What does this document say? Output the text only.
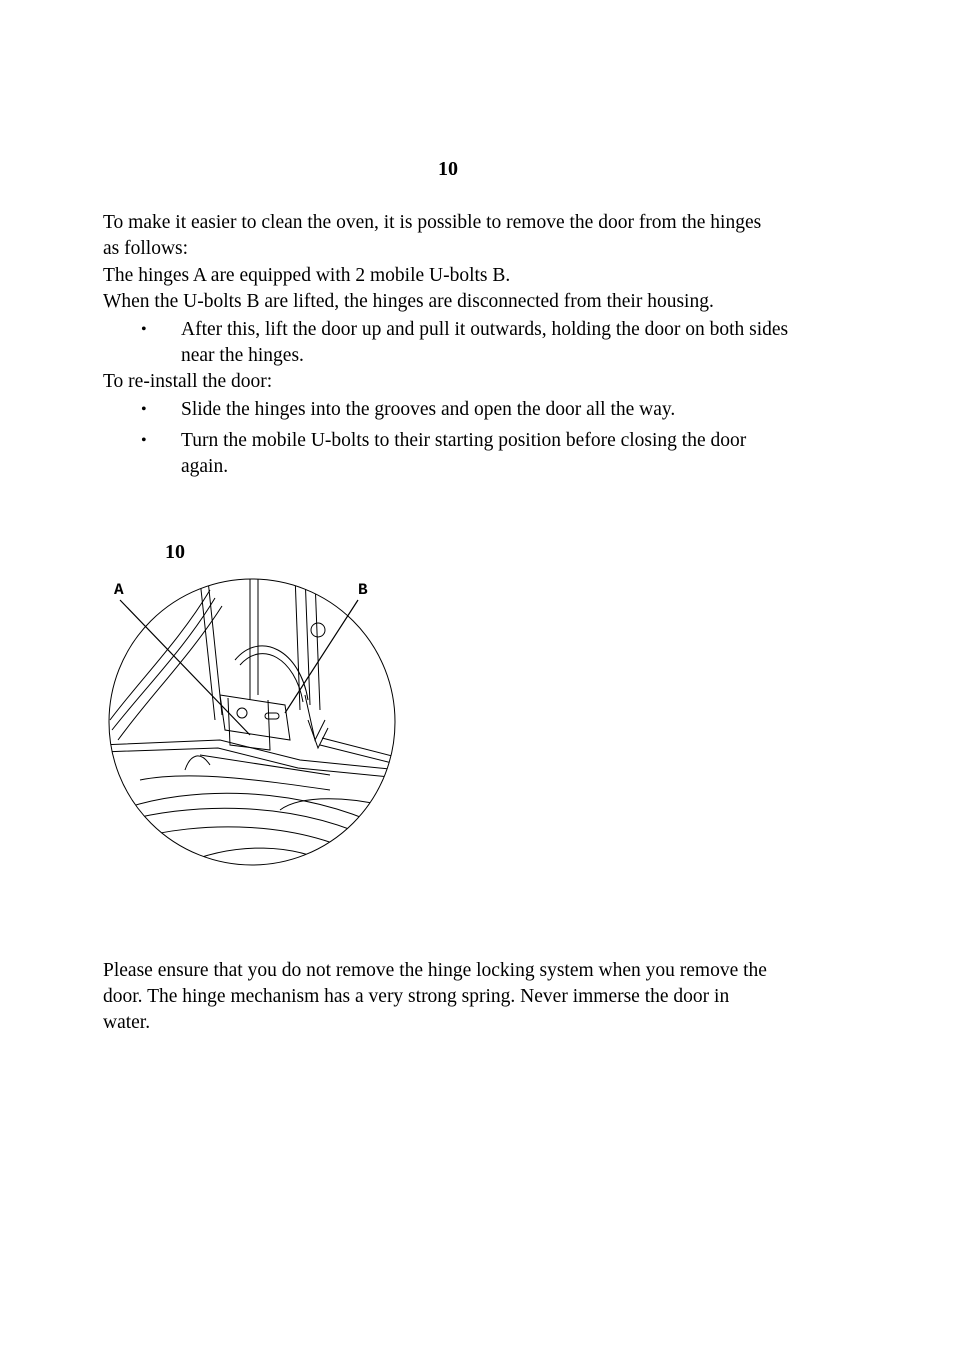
10

To make it easier to clean the oven, it is possible to remove the door from the hinges

as follows:

The hinges A are equipped with 2 mobile U-bolts B.

When the U-bolts B are lifted, the hinges are disconnected from their housing.

• After this, lift the door up and pull it outwards, holding the door on both sides
near the hinges.

To re-install the door:

• Slide the hinges into the grooves and open the door all the way.
• Turn the mobile U-bolts to their starting position before closing the door
again.
10
A	B

Please ensure that you do not remove the hinge locking system when you remove the

door. The hinge mechanism has a very strong spring. Never immerse the door in

water.
